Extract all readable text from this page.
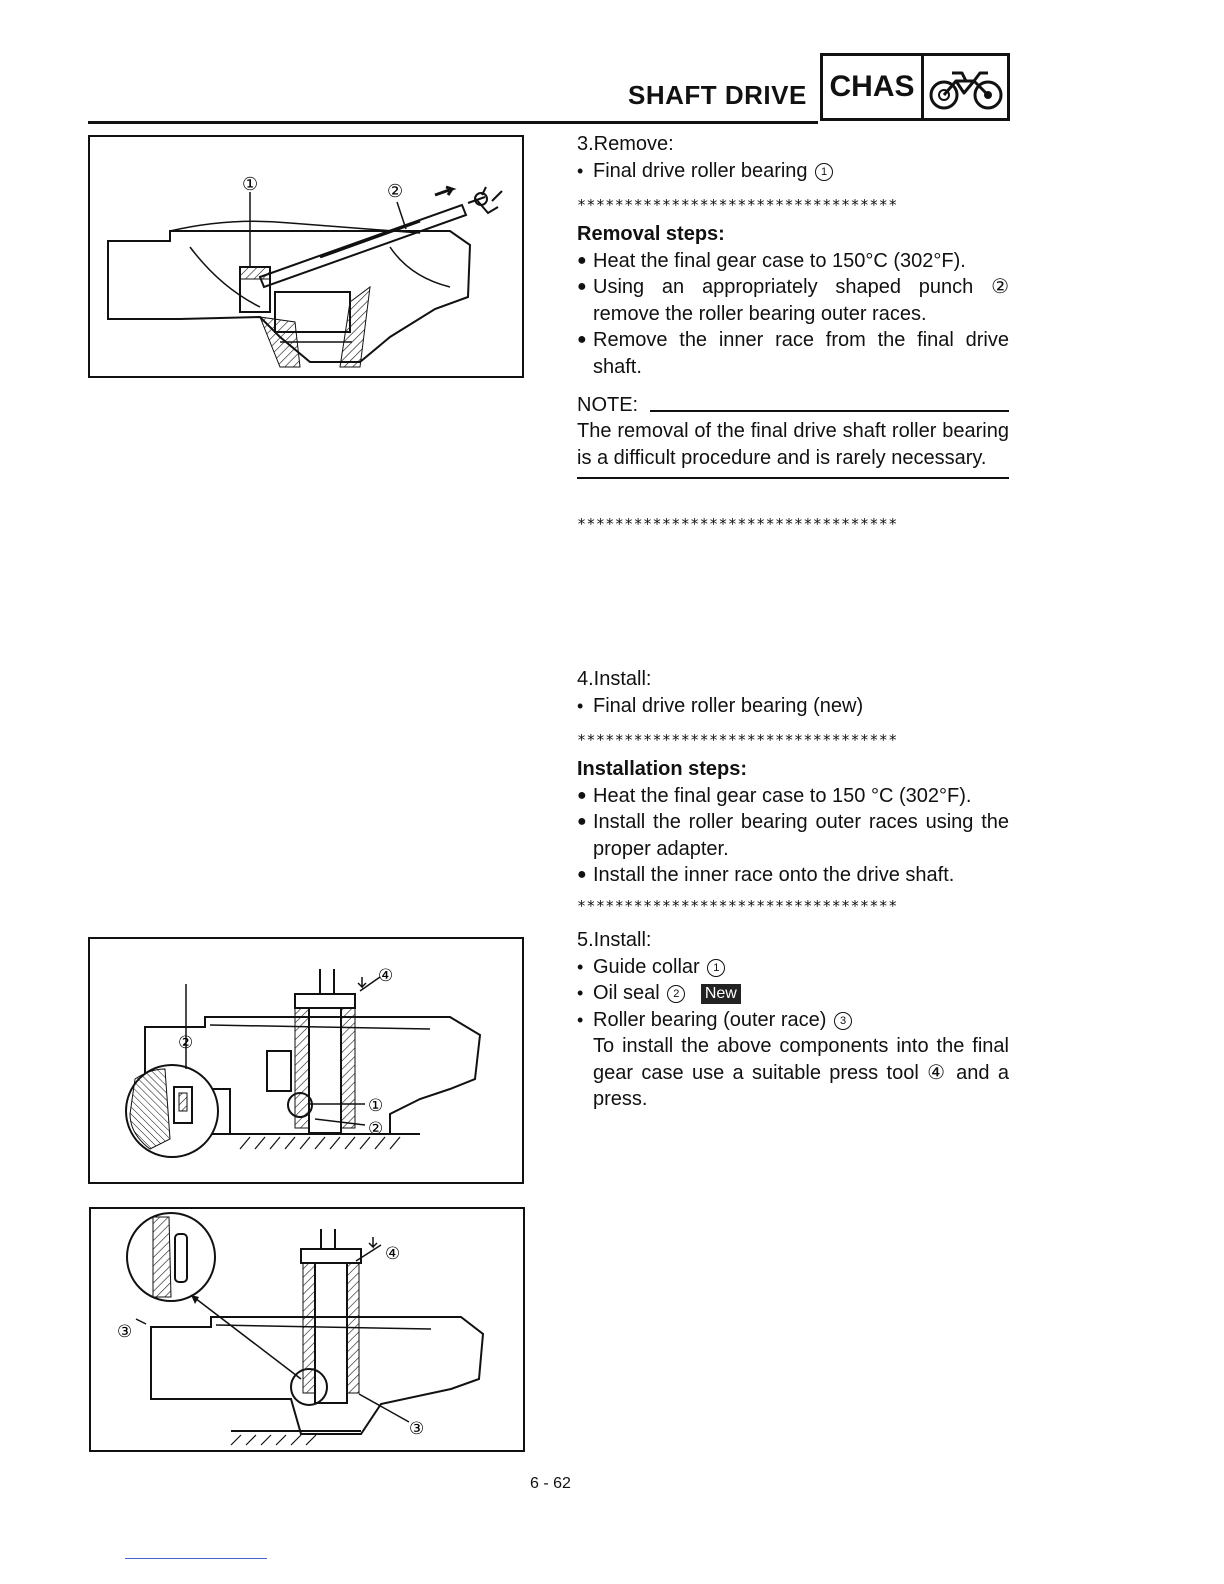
SHAFT DRIVE CHAS
①	②
②
④
①
②
③
④
③
3.Remove:
• Final drive roller bearing 1
**********************************
Removal steps:
● Heat the final gear case to 150°C (302°F).
● Using an appropriately shaped punch ② remove the roller bearing outer races.
● Remove the inner race from the final drive shaft.
NOTE:
The removal of the final drive shaft roller bearing is a difficult procedure and is rarely necessary.
**********************************
4.Install:
• Final drive roller bearing (new)
**********************************
Installation steps:
● Heat the final gear case to 150 °C (302°F).
● Install the roller bearing outer races using the proper adapter.
● Install the inner race onto the drive shaft.
**********************************
5.Install:
• Guide collar 1
• Oil seal 2 New
• Roller bearing (outer race) 3
To install the above components into the final gear case use a suitable press tool ④ and a press.
6 - 62
